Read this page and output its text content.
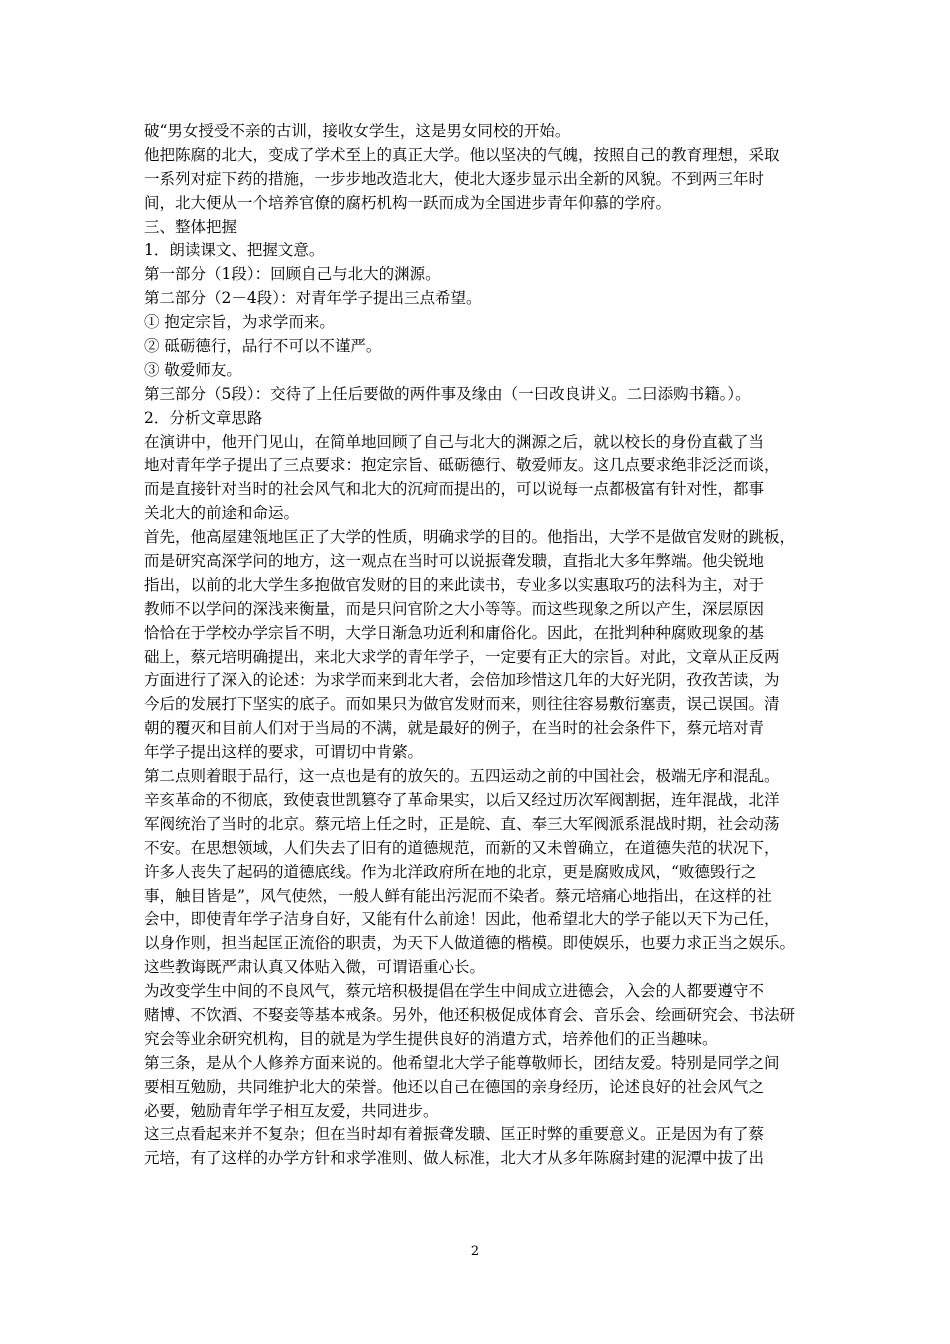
破“男女授受不亲的古训，接收女学生，这是男女同校的开始。
他把陈腐的北大，变成了学术至上的真正大学。他以坚决的气魄，按照自己的教育理想，采取
一系列对症下药的措施，一步步地改造北大，使北大逐步显示出全新的风貌。不到两三年时
间，北大便从一个培养官僚的腐朽机构一跃而成为全国进步青年仰慕的学府。
三、整体把握
1．朗读课文、把握文意。
第一部分（1段）：回顾自己与北大的渊源。
第二部分（2－4段）：对青年学子提出三点希望。
① 抱定宗旨，为求学而来。
② 砥砺德行，品行不可以不谨严。
③ 敬爱师友。
第三部分（5段）：交待了上任后要做的两件事及缘由（一曰改良讲义。二曰添购书籍。）。
2．分析文章思路
在演讲中，他开门见山，在简单地回顾了自己与北大的渊源之后，就以校长的身份直截了当
地对青年学子提出了三点要求：抱定宗旨、砥砺德行、敬爱师友。这几点要求绝非泛泛而谈，
而是直接针对当时的社会风气和北大的沉疴而提出的，可以说每一点都极富有针对性，都事
关北大的前途和命运。
首先，他高屋建瓴地匡正了大学的性质，明确求学的目的。他指出，大学不是做官发财的跳板，
而是研究高深学问的地方，这一观点在当时可以说振聋发聩，直指北大多年弊端。他尖锐地
指出，以前的北大学生多抱做官发财的目的来此读书，专业多以实惠取巧的法科为主，对于
教师不以学问的深浅来衡量，而是只问官阶之大小等等。而这些现象之所以产生，深层原因
恰恰在于学校办学宗旨不明，大学日渐急功近利和庸俗化。因此，在批判种种腐败现象的基
础上，蔡元培明确提出，来北大求学的青年学子，一定要有正大的宗旨。对此，文章从正反两
方面进行了深入的论述：为求学而来到北大者，会倍加珍惜这几年的大好光阴，孜孜苦读，为
今后的发展打下坚实的底子。而如果只为做官发财而来，则往往容易敷衍塞责，误己误国。清
朝的覆灭和目前人们对于当局的不满，就是最好的例子，在当时的社会条件下，蔡元培对青
年学子提出这样的要求，可谓切中肯綮。
第二点则着眼于品行，这一点也是有的放矢的。五四运动之前的中国社会，极端无序和混乱。
辛亥革命的不彻底，致使袁世凯篡夺了革命果实，以后又经过历次军阀割据，连年混战，北洋
军阀统治了当时的北京。蔡元培上任之时，正是皖、直、奉三大军阀派系混战时期，社会动荡
不安。在思想领域，人们失去了旧有的道德规范，而新的又未曾确立，在道德失范的状况下，
许多人丧失了起码的道德底线。作为北洋政府所在地的北京，更是腐败成风，“败德毁行之
事，触目皆是”，风气使然，一般人鲜有能出污泥而不染者。蔡元培痛心地指出，在这样的社
会中，即使青年学子洁身自好，又能有什么前途！因此，他希望北大的学子能以天下为己任，
以身作则，担当起匡正流俗的职责，为天下人做道德的楷模。即使娱乐，也要力求正当之娱乐。
这些教诲既严肃认真又体贴入微，可谓语重心长。
为改变学生中间的不良风气，蔡元培积极提倡在学生中间成立进德会，入会的人都要遵守不
赌博、不饮酒、不娶妾等基本戒条。另外，他还积极促成体育会、音乐会、绘画研究会、书法研
究会等业余研究机构，目的就是为学生提供良好的消遣方式，培养他们的正当趣味。
第三条，是从个人修养方面来说的。他希望北大学子能尊敬师长，团结友爱。特别是同学之间
要相互勉励，共同维护北大的荣誉。他还以自己在德国的亲身经历，论述良好的社会风气之
必要，勉励青年学子相互友爱，共同进步。
这三点看起来并不复杂；但在当时却有着振聋发聩、匡正时弊的重要意义。正是因为有了蔡
元培，有了这样的办学方针和求学准则、做人标准，北大才从多年陈腐封建的泥潭中拔了出
2
